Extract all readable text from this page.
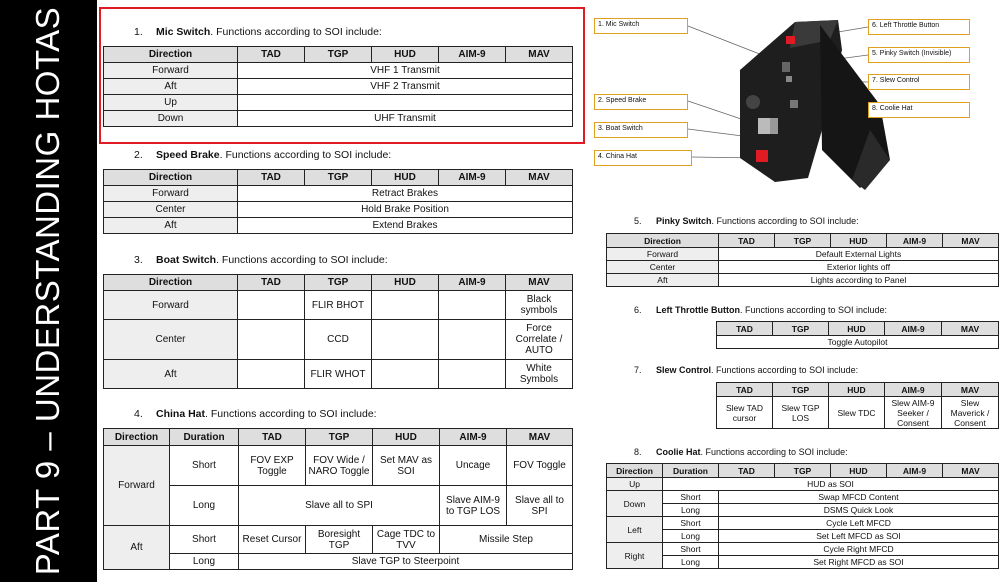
PART 9 – UNDERSTANDING HOTAS	1. Mic Switch. Functions according to SOI include:
Direction	TAD	TGP	HUD	AIM-9	MAV
Forward	VHF 1 Transmit				
Aft	VHF 2 Transmit				
Up					
Down	UHF Transmit				
2. Speed Brake. Functions according to SOI include:
Direction	TAD	TGP	HUD	AIM-9	MAV
Forward	Retract Brakes				
Center	Hold Brake Position				
Aft	Extend Brakes				
3. Boat Switch. Functions according to SOI include:
Direction	TAD	TGP	HUD	AIM-9	MAV
Forward		FLIR BHOT			Black symbols
Center		CCD			Force Correlate / AUTO
Aft		FLIR WHOT			White Symbols
4. China Hat. Functions according to SOI include:
Direction	Duration	TAD	TGP	HUD	AIM-9	MAV
Forward	Short	FOV EXP Toggle	FOV Wide / NARO Toggle	Set MAV as SOI	Uncage	FOV Toggle
	Long	Slave all to SPI			Slave AIM-9 to TGP LOS	Slave all to SPI
Aft	Short	Reset Cursor	Boresight TGP	Cage TDC to TVV	Missile Step	
	Long	Slave TGP to Steerpoint				
1. Mic Switch
2. Speed Brake
3. Boat Switch
4. China Hat
6. Left Throttle Button
5. Pinky Switch (Invisible)
7. Slew Control
8. Coolie Hat
5. Pinky Switch. Functions according to SOI include:
Direction	TAD	TGP	HUD	AIM-9	MAV
Forward	Default External Lights				
Center	Exterior lights off				
Aft	Lights according to Panel				
6. Left Throttle Button. Functions according to SOI include:
TAD	TGP	HUD	AIM-9	MAV
Toggle Autopilot
7. Slew Control. Functions according to SOI include:
TAD	TGP	HUD	AIM-9	MAV
Slew TAD cursor	Slew TGP LOS	Slew TDC	Slew AIM-9 Seeker / Consent	Slew Maverick / Consent
8. Coolie Hat. Functions according to SOI include:
Direction	Duration	TAD	TGP	HUD	AIM-9	MAV
Up	HUD as SOI					
Down	Short	Swap MFCD Content				
	Long	DSMS Quick Look				
Left	Short	Cycle Left MFCD				
	Long	Set Left MFCD as SOI				
Right	Short	Cycle Right MFCD				
	Long	Set Right MFCD as SOI				
